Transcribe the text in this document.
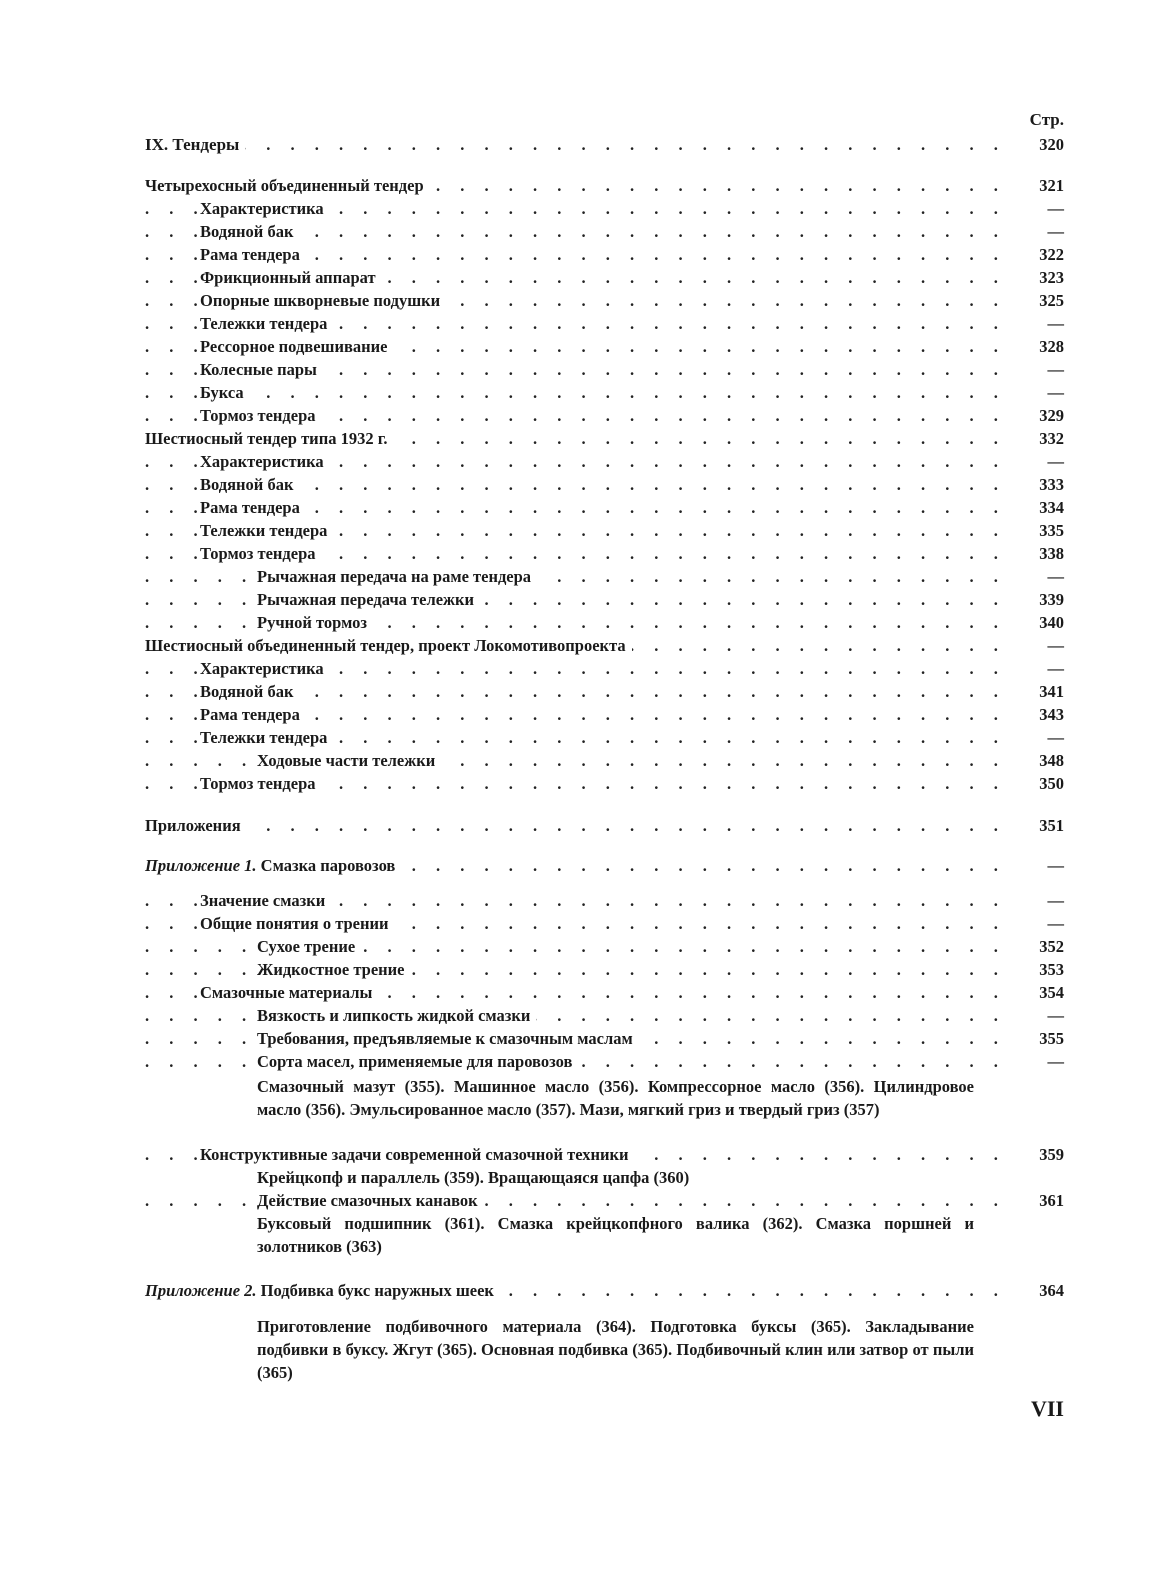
Стр.
IX. Тендеры . . .	320
Четырехосный объединенный тендер . . .	321
Характеристика . . .	—
Водяной бак . . .	—
Рама тендера . . .	322
Фрикционный аппарат . . .	323
Опорные шкворневые подушки . . .	325
Тележки тендера . . .	—
Рессорное подвешивание . . .	328
Колесные пары . . .	—
Букса . . .	—
Тормоз тендера . . .	329
Шестиосный тендер типа 1932 г. . . .	332
Характеристика . . .	—
Водяной бак . . .	333
Рама тендера . . .	334
Тележки тендера . . .	335
Тормоз тендера . . .	338
Рычажная передача на раме тендера . . .	—
Рычажная передача тележки . . .	339
Ручной тормоз . . .	340
Шестиосный объединенный тендер, проект Локомотивопроекта . . .	—
Характеристика . . .	—
Водяной бак . . .	341
Рама тендера . . .	343
Тележки тендера . . .	—
Ходовые части тележки . . .	348
Тормоз тендера . . .	350
Приложения . . .	351
Приложение 1. Смазка паровозов . . .	—
Значение смазки . . .	—
Общие понятия о трении . . .	—
Сухое трение . . .	352
Жидкостное трение . . .	353
Смазочные материалы . . .	354
Вязкость и липкость жидкой смазки . . .	—
Требования, предъявляемые к смазочным маслам . . .	355
Сорта масел, применяемые для паровозов . . .	—
Смазочный мазут (355). Машинное масло (356). Компрессорное масло (356). Цилиндровое масло (356). Эмульсированное масло (357). Мази, мягкий гриз и твердый гриз (357)
Конструктивные задачи современной смазочной техники . . .	359
Крейцкопф и параллель (359). Вращающаяся цапфа (360)
Действие смазочных канавок . . .	361
Буксовый подшипник (361). Смазка крейцкопфного валика (362). Смазка поршней и золотников (363)
Приложение 2. Подбивка букс наружных шеек . . .	364
Приготовление подбивочного материала (364). Подготовка буксы (365). Закладывание подбивки в буксу. Жгут (365). Основная подбивка (365). Подбивочный клин или затвор от пыли (365)
VII
